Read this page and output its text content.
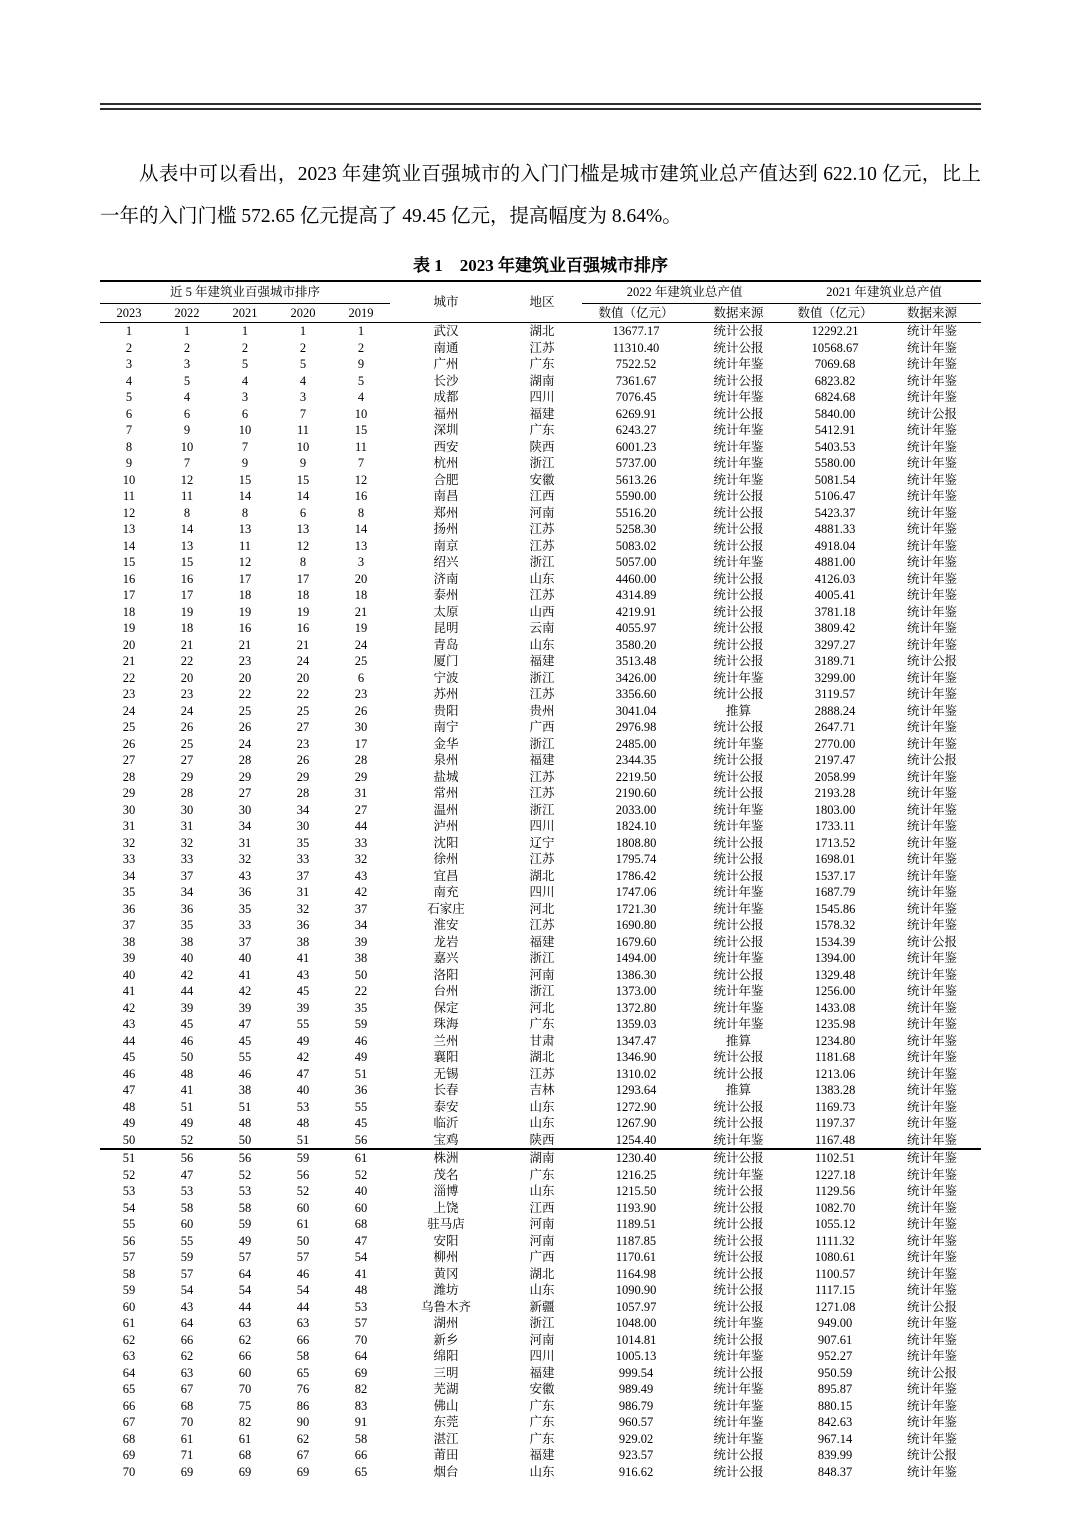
从表中可以看出，2023 年建筑业百强城市的入门门槛是城市建筑业总产值达到 622.10 亿元，比上一年的入门门槛 572.65 亿元提高了 49.45 亿元，提高幅度为 8.64%。

表 1　2023 年建筑业百强城市排序
近 5 年建筑业百强城市排序					城市	地区	2022 年建筑业总产值		2021 年建筑业总产值	
2023	2022	2021	2020	2019			数值（亿元）	数据来源	数值（亿元）	数据来源
1	1	1	1	1	武汉	湖北	13677.17	统计公报	12292.21	统计年鉴
2	2	2	2	2	南通	江苏	11310.40	统计公报	10568.67	统计年鉴
3	3	5	5	9	广州	广东	7522.52	统计年鉴	7069.68	统计年鉴
4	5	4	4	5	长沙	湖南	7361.67	统计公报	6823.82	统计年鉴
5	4	3	3	4	成都	四川	7076.45	统计年鉴	6824.68	统计年鉴
6	6	6	7	10	福州	福建	6269.91	统计公报	5840.00	统计公报
7	9	10	11	15	深圳	广东	6243.27	统计年鉴	5412.91	统计年鉴
8	10	7	10	11	西安	陕西	6001.23	统计年鉴	5403.53	统计年鉴
9	7	9	9	7	杭州	浙江	5737.00	统计年鉴	5580.00	统计年鉴
10	12	15	15	12	合肥	安徽	5613.26	统计年鉴	5081.54	统计年鉴
11	11	14	14	16	南昌	江西	5590.00	统计公报	5106.47	统计年鉴
12	8	8	6	8	郑州	河南	5516.20	统计公报	5423.37	统计年鉴
13	14	13	13	14	扬州	江苏	5258.30	统计公报	4881.33	统计年鉴
14	13	11	12	13	南京	江苏	5083.02	统计公报	4918.04	统计年鉴
15	15	12	8	3	绍兴	浙江	5057.00	统计年鉴	4881.00	统计年鉴
16	16	17	17	20	济南	山东	4460.00	统计公报	4126.03	统计年鉴
17	17	18	18	18	泰州	江苏	4314.89	统计公报	4005.41	统计年鉴
18	19	19	19	21	太原	山西	4219.91	统计公报	3781.18	统计年鉴
19	18	16	16	19	昆明	云南	4055.97	统计公报	3809.42	统计年鉴
20	21	21	21	24	青岛	山东	3580.20	统计公报	3297.27	统计年鉴
21	22	23	24	25	厦门	福建	3513.48	统计公报	3189.71	统计公报
22	20	20	20	6	宁波	浙江	3426.00	统计年鉴	3299.00	统计年鉴
23	23	22	22	23	苏州	江苏	3356.60	统计公报	3119.57	统计年鉴
24	24	25	25	26	贵阳	贵州	3041.04	推算	2888.24	统计年鉴
25	26	26	27	30	南宁	广西	2976.98	统计公报	2647.71	统计年鉴
26	25	24	23	17	金华	浙江	2485.00	统计年鉴	2770.00	统计年鉴
27	27	28	26	28	泉州	福建	2344.35	统计公报	2197.47	统计公报
28	29	29	29	29	盐城	江苏	2219.50	统计公报	2058.99	统计年鉴
29	28	27	28	31	常州	江苏	2190.60	统计公报	2193.28	统计年鉴
30	30	30	34	27	温州	浙江	2033.00	统计年鉴	1803.00	统计年鉴
31	31	34	30	44	泸州	四川	1824.10	统计年鉴	1733.11	统计年鉴
32	32	31	35	33	沈阳	辽宁	1808.80	统计公报	1713.52	统计年鉴
33	33	32	33	32	徐州	江苏	1795.74	统计公报	1698.01	统计年鉴
34	37	43	37	43	宜昌	湖北	1786.42	统计公报	1537.17	统计年鉴
35	34	36	31	42	南充	四川	1747.06	统计年鉴	1687.79	统计年鉴
36	36	35	32	37	石家庄	河北	1721.30	统计年鉴	1545.86	统计年鉴
37	35	33	36	34	淮安	江苏	1690.80	统计公报	1578.32	统计年鉴
38	38	37	38	39	龙岩	福建	1679.60	统计公报	1534.39	统计公报
39	40	40	41	38	嘉兴	浙江	1494.00	统计年鉴	1394.00	统计年鉴
40	42	41	43	50	洛阳	河南	1386.30	统计公报	1329.48	统计年鉴
41	44	42	45	22	台州	浙江	1373.00	统计年鉴	1256.00	统计年鉴
42	39	39	39	35	保定	河北	1372.80	统计年鉴	1433.08	统计年鉴
43	45	47	55	59	珠海	广东	1359.03	统计年鉴	1235.98	统计年鉴
44	46	45	49	46	兰州	甘肃	1347.47	推算	1234.80	统计年鉴
45	50	55	42	49	襄阳	湖北	1346.90	统计公报	1181.68	统计年鉴
46	48	46	47	51	无锡	江苏	1310.02	统计公报	1213.06	统计年鉴
47	41	38	40	36	长春	吉林	1293.64	推算	1383.28	统计年鉴
48	51	51	53	55	泰安	山东	1272.90	统计公报	1169.73	统计年鉴
49	49	48	48	45	临沂	山东	1267.90	统计公报	1197.37	统计年鉴
50	52	50	51	56	宝鸡	陕西	1254.40	统计年鉴	1167.48	统计年鉴
51	56	56	59	61	株洲	湖南	1230.40	统计公报	1102.51	统计年鉴
52	47	52	56	52	茂名	广东	1216.25	统计年鉴	1227.18	统计年鉴
53	53	53	52	40	淄博	山东	1215.50	统计公报	1129.56	统计年鉴
54	58	58	60	60	上饶	江西	1193.90	统计公报	1082.70	统计年鉴
55	60	59	61	68	驻马店	河南	1189.51	统计公报	1055.12	统计年鉴
56	55	49	50	47	安阳	河南	1187.85	统计公报	1111.32	统计年鉴
57	59	57	57	54	柳州	广西	1170.61	统计公报	1080.61	统计年鉴
58	57	64	46	41	黄冈	湖北	1164.98	统计公报	1100.57	统计年鉴
59	54	54	54	48	潍坊	山东	1090.90	统计公报	1117.15	统计年鉴
60	43	44	44	53	乌鲁木齐	新疆	1057.97	统计公报	1271.08	统计公报
61	64	63	63	57	湖州	浙江	1048.00	统计年鉴	949.00	统计年鉴
62	66	62	66	70	新乡	河南	1014.81	统计公报	907.61	统计年鉴
63	62	66	58	64	绵阳	四川	1005.13	统计年鉴	952.27	统计年鉴
64	63	60	65	69	三明	福建	999.54	统计公报	950.59	统计公报
65	67	70	76	82	芜湖	安徽	989.49	统计年鉴	895.87	统计年鉴
66	68	75	86	83	佛山	广东	986.79	统计年鉴	880.15	统计年鉴
67	70	82	90	91	东莞	广东	960.57	统计年鉴	842.63	统计年鉴
68	61	61	62	58	湛江	广东	929.02	统计年鉴	967.14	统计年鉴
69	71	68	67	66	莆田	福建	923.57	统计公报	839.99	统计公报
70	69	69	69	65	烟台	山东	916.62	统计公报	848.37	统计年鉴
